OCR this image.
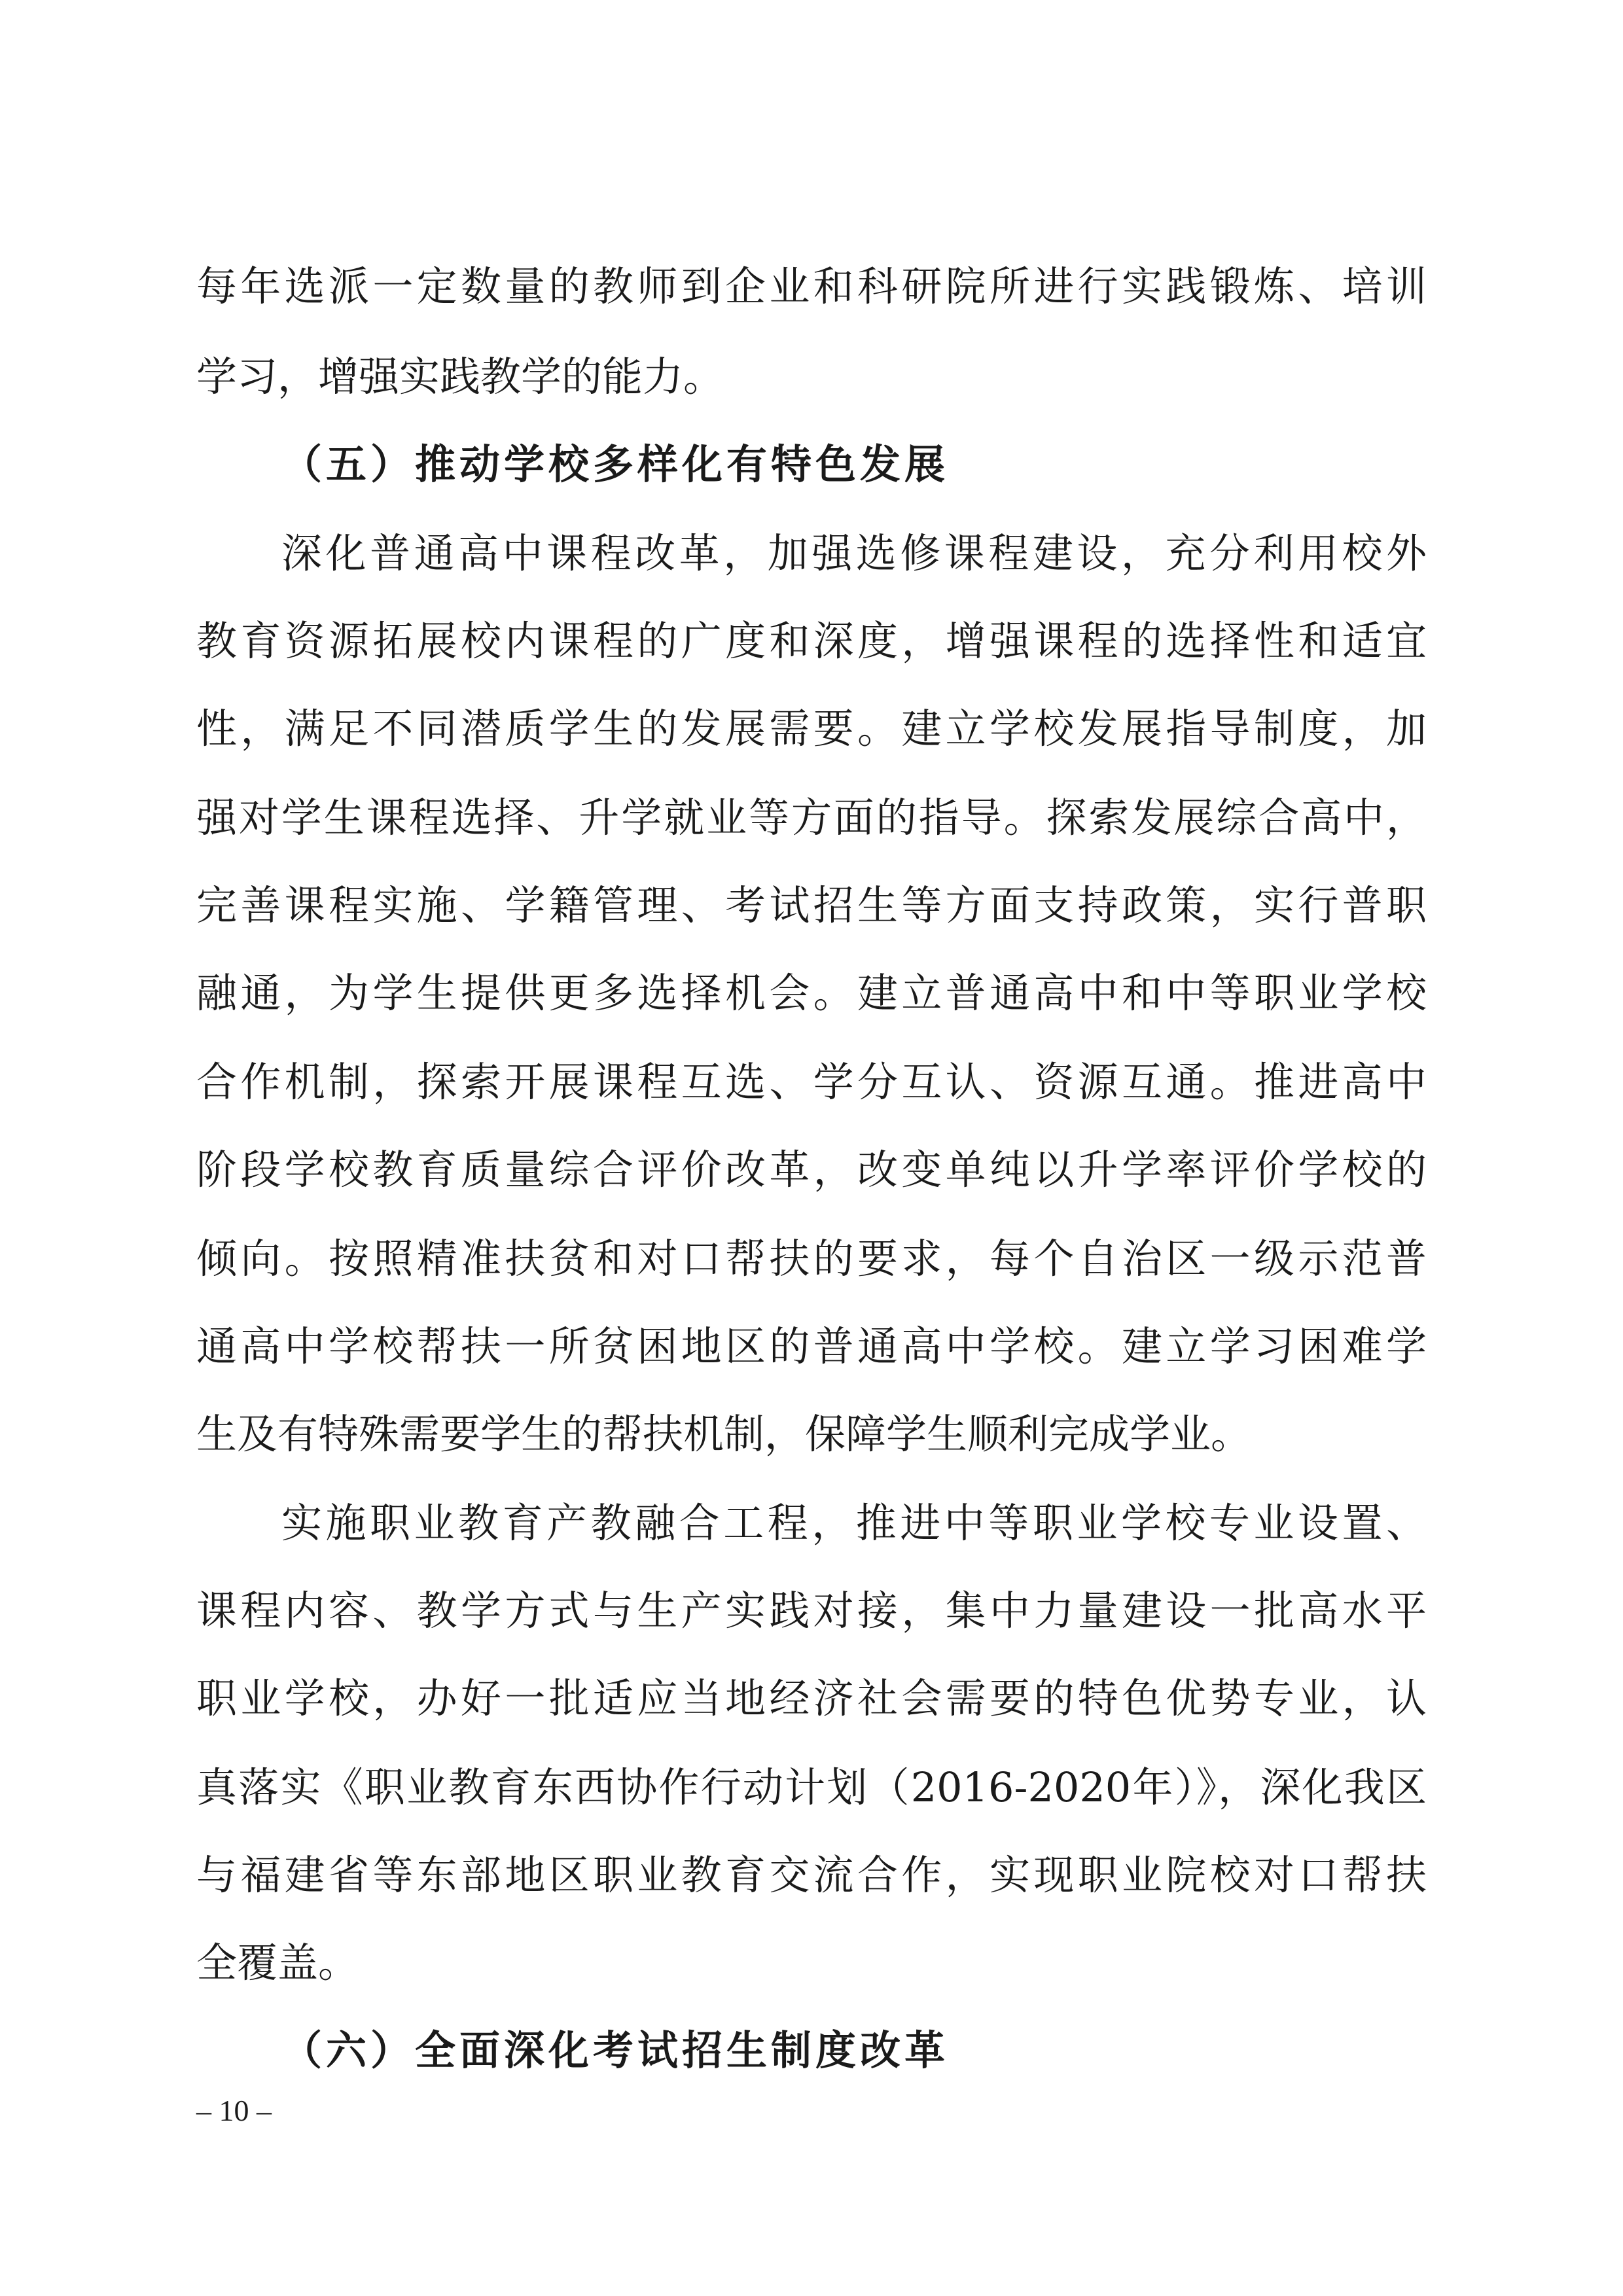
每年选派一定数量的教师到企业和科研院所进行实践锻炼、培训
学习，增强实践教学的能力。
（五）推动学校多样化有特色发展
深化普通高中课程改革，加强选修课程建设，充分利用校外
教育资源拓展校内课程的广度和深度，增强课程的选择性和适宜
性，满足不同潜质学生的发展需要。建立学校发展指导制度，加
强对学生课程选择、升学就业等方面的指导。探索发展综合高中，
完善课程实施、学籍管理、考试招生等方面支持政策，实行普职
融通，为学生提供更多选择机会。建立普通高中和中等职业学校
合作机制，探索开展课程互选、学分互认、资源互通。推进高中
阶段学校教育质量综合评价改革，改变单纯以升学率评价学校的
倾向。按照精准扶贫和对口帮扶的要求，每个自治区一级示范普
通高中学校帮扶一所贫困地区的普通高中学校。建立学习困难学
生及有特殊需要学生的帮扶机制，保障学生顺利完成学业。
实施职业教育产教融合工程，推进中等职业学校专业设置、
课程内容、教学方式与生产实践对接，集中力量建设一批高水平
职业学校，办好一批适应当地经济社会需要的特色优势专业，认
真落实《职业教育东西协作行动计划（2016-2020年）》，深化我区
与福建省等东部地区职业教育交流合作，实现职业院校对口帮扶
全覆盖。
（六）全面深化考试招生制度改革
– 10 –
